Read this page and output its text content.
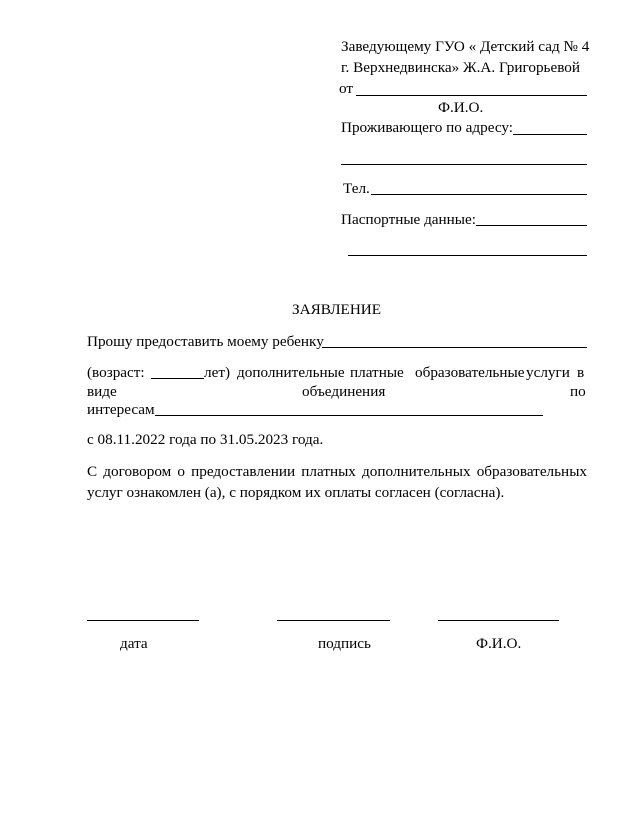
Заведующему ГУО « Детский сад № 4
г. Верхнедвинска» Ж.А. Григорьевой
от
Ф.И.О.
Проживающего по адресу:
Тел.
Паспортные данные:
ЗАЯВЛЕНИЕ
Прошу предоставить моему ребенку
(возраст:	лет) дополнительные платные образовательные услуги в
виде	объединения	по
интересам
с 08.11.2022 года по 31.05.2023 года.
С договором о предоставлении платных дополнительных образовательных
услуг ознакомлен (а), с порядком их оплаты согласен (согласна).
дата	подпись	Ф.И.О.
